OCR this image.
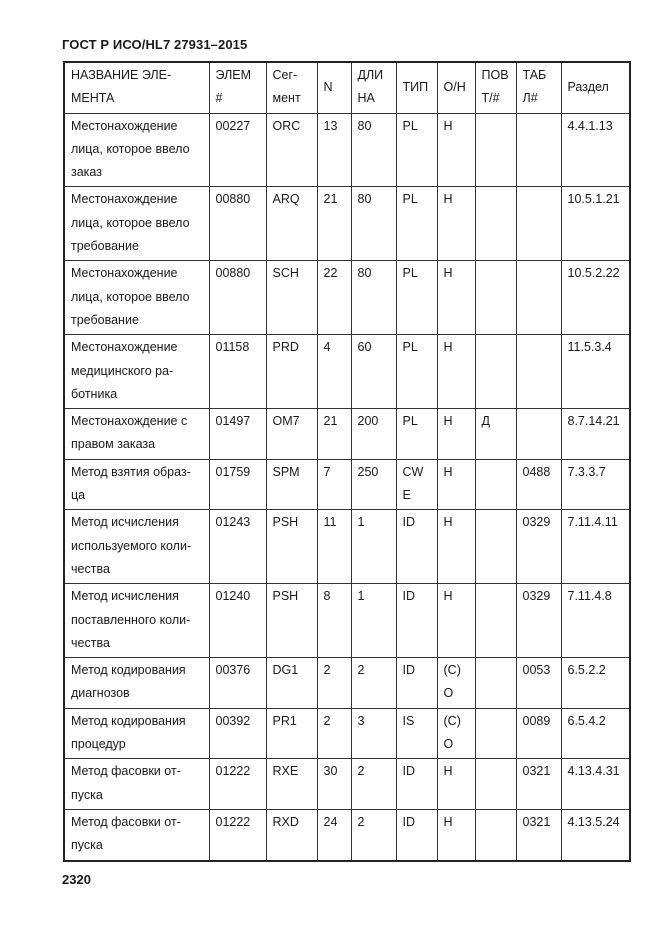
ГОСТ Р ИСО/HL7 27931–2015
НАЗВАНИЕ ЭЛЕ-МЕНТА	ЭЛЕМ #	Сег-мент	N	ДЛИ НА	ТИП	О/Н	ПОВ Т/#	ТАБ Л#	Раздел
Местонахождение лица, которое ввело заказ	00227	ORC	13	80	PL	Н			4.4.1.13
Местонахождение лица, которое ввело требование	00880	ARQ	21	80	PL	Н			10.5.1.21
Местонахождение лица, которое ввело требование	00880	SCH	22	80	PL	Н			10.5.2.22
Местонахождение медицинского ра-ботника	01158	PRD	4	60	PL	Н			11.5.3.4
Местонахождение с правом заказа	01497	OM7	21	200	PL	Н	Д		8.7.14.21
Метод взятия образ-ца	01759	SPM	7	250	CW E	Н		0488	7.3.3.7
Метод исчисления используемого коли-чества	01243	PSH	11	1	ID	Н		0329	7.11.4.11
Метод исчисления поставленного коли-чества	01240	PSH	8	1	ID	Н		0329	7.11.4.8
Метод кодирования диагнозов	00376	DG1	2	2	ID	(С) О		0053	6.5.2.2
Метод кодирования процедур	00392	PR1	2	3	IS	(С) О		0089	6.5.4.2
Метод фасовки от-пуска	01222	RXE	30	2	ID	Н		0321	4.13.4.31
Метод фасовки от-пуска	01222	RXD	24	2	ID	Н		0321	4.13.5.24
2320
